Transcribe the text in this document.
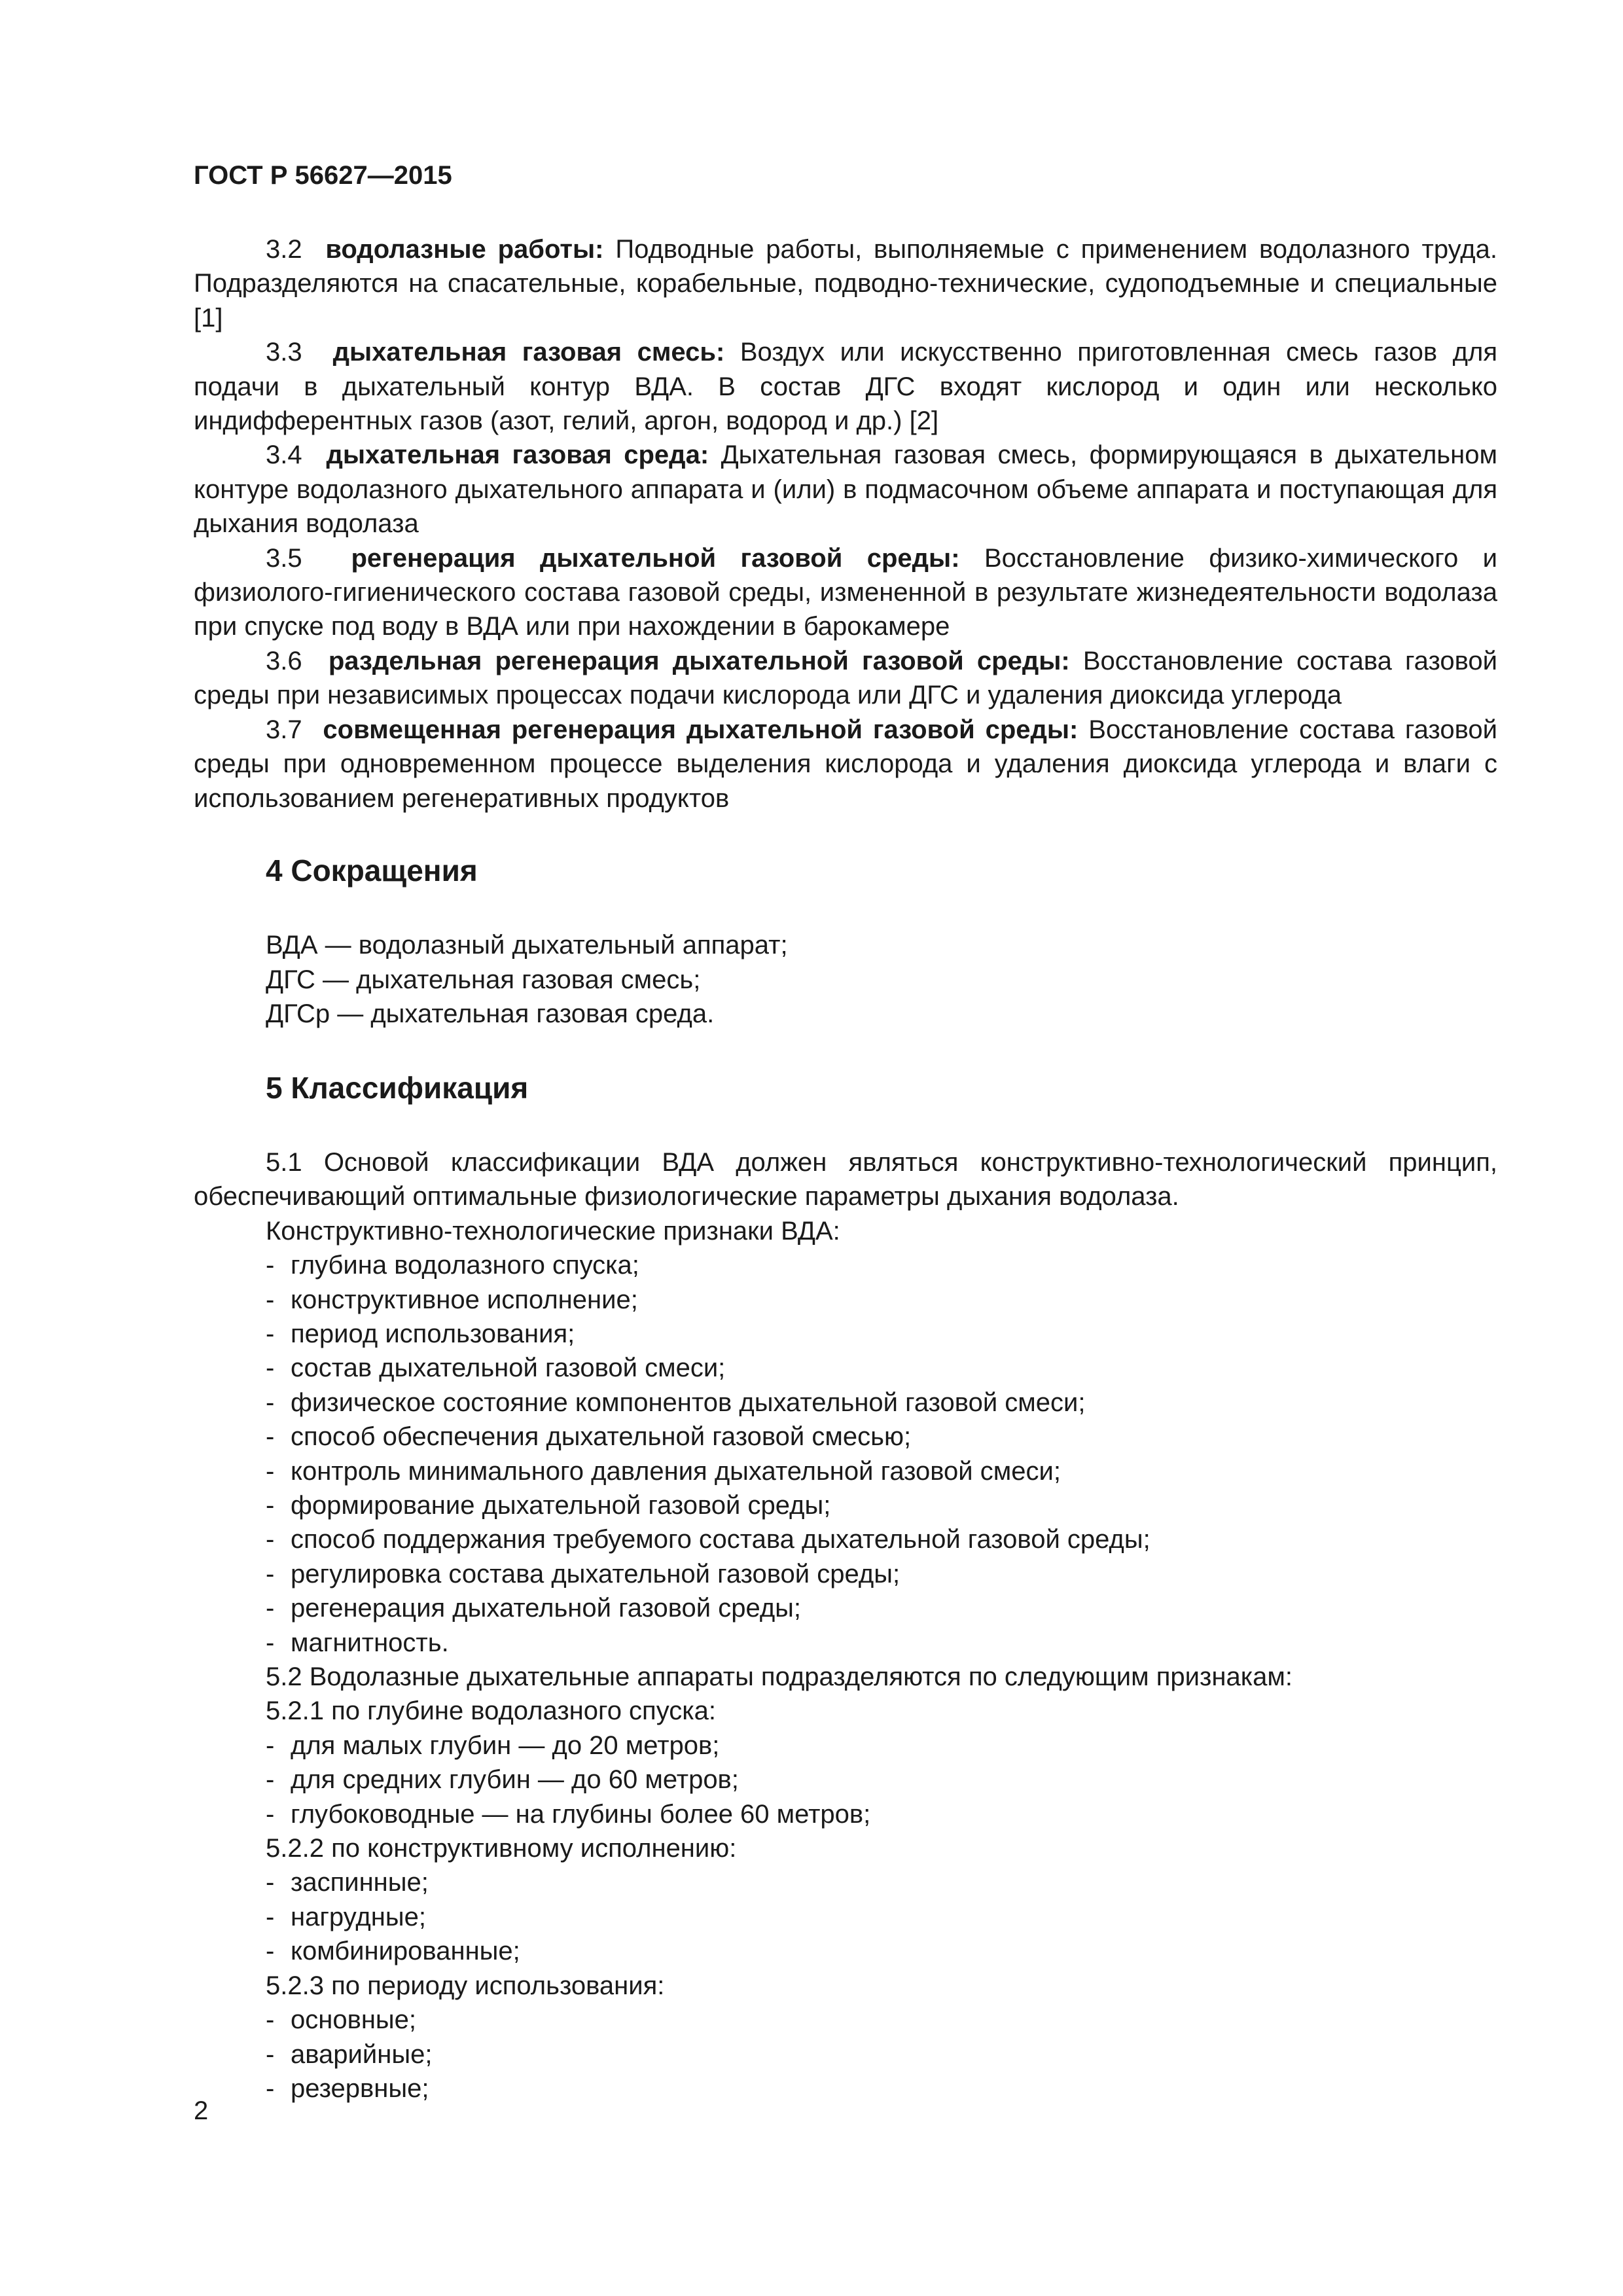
ГОСТ Р 56627—2015

3.2 водолазные работы: Подводные работы, выполняемые с применением водолазного труда. Подразделяются на спасательные, корабельные, подводно-технические, судоподъемные и специальные [1]

3.3 дыхательная газовая смесь: Воздух или искусственно приготовленная смесь газов для подачи в дыхательный контур ВДА. В состав ДГС входят кислород и один или несколько индифферентных газов (азот, гелий, аргон, водород и др.) [2]

3.4 дыхательная газовая среда: Дыхательная газовая смесь, формирующаяся в дыхательном контуре водолазного дыхательного аппарата и (или) в подмасочном объеме аппарата и поступающая для дыхания водолаза

3.5 регенерация дыхательной газовой среды: Восстановление физико-химического и физиолого-гигиенического состава газовой среды, измененной в результате жизнедеятельности водолаза при спуске под воду в ВДА или при нахождении в барокамере

3.6 раздельная регенерация дыхательной газовой среды: Восстановление состава газовой среды при независимых процессах подачи кислорода или ДГС и удаления диоксида углерода

3.7 совмещенная регенерация дыхательной газовой среды: Восстановление состава газовой среды при одновременном процессе выделения кислорода и удаления диоксида углерода и влаги с использованием регенеративных продуктов

4 Сокращения

ВДА — водолазный дыхательный аппарат;

ДГС — дыхательная газовая смесь;

ДГСр — дыхательная газовая среда.

5 Классификация

5.1 Основой классификации ВДА должен являться конструктивно-технологический принцип, обеспечивающий оптимальные физиологические параметры дыхания водолаза.

Конструктивно-технологические признаки ВДА:

- глубина водолазного спуска;

- конструктивное исполнение;

- период использования;

- состав дыхательной газовой смеси;

- физическое состояние компонентов дыхательной газовой смеси;

- способ обеспечения дыхательной газовой смесью;

- контроль минимального давления дыхательной газовой смеси;

- формирование дыхательной газовой среды;

- способ поддержания требуемого состава дыхательной газовой среды;

- регулировка состава дыхательной газовой среды;

- регенерация дыхательной газовой среды;

- магнитность.

5.2 Водолазные дыхательные аппараты подразделяются по следующим признакам:

5.2.1 по глубине водолазного спуска:

- для малых глубин — до 20 метров;

- для средних глубин — до 60 метров;

- глубоководные — на глубины более 60 метров;

5.2.2 по конструктивному исполнению:

- заспинные;

- нагрудные;

- комбинированные;

5.2.3 по периоду использования:

- основные;

- аварийные;

- резервные;

2
